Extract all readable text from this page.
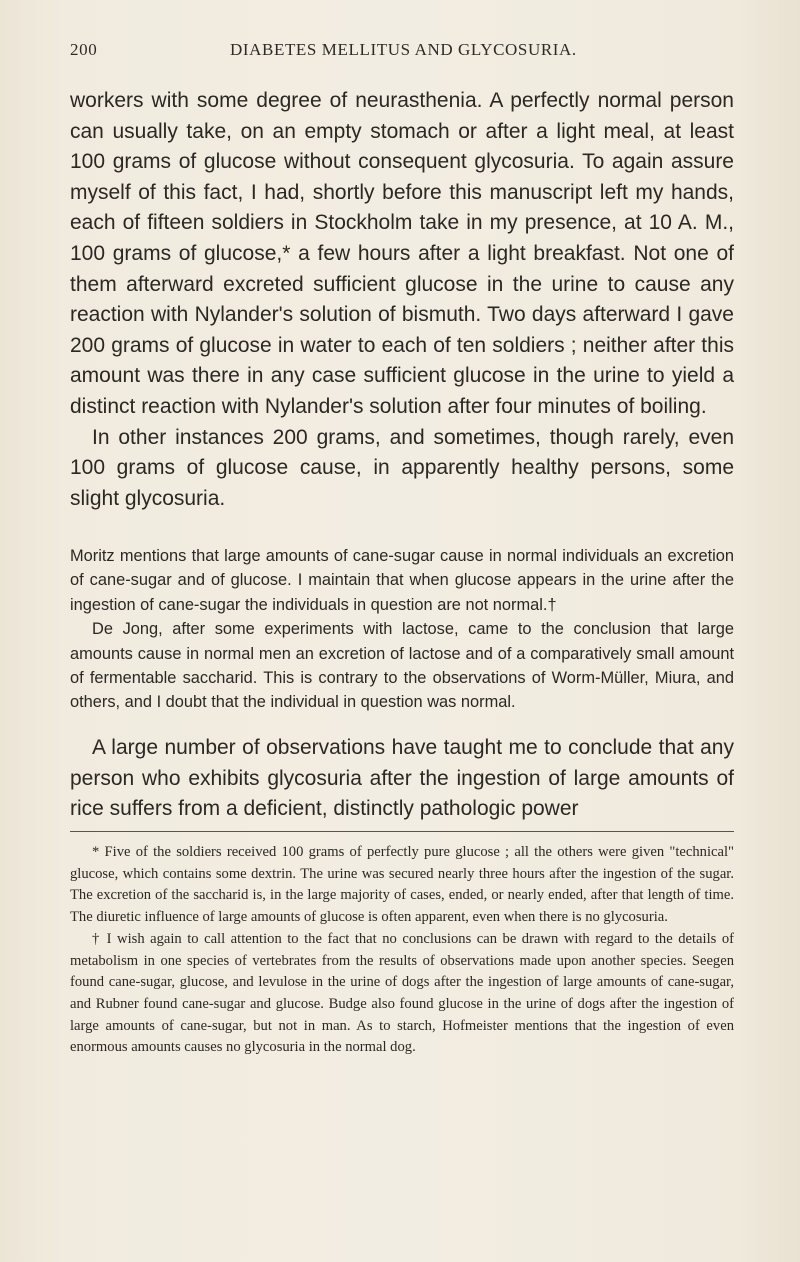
200	DIABETES MELLITUS AND GLYCOSURIA.

workers with some degree of neurasthenia. A perfectly normal person can usually take, on an empty stomach or after a light meal, at least 100 grams of glucose without consequent glycosuria. To again assure myself of this fact, I had, shortly before this manuscript left my hands, each of fifteen soldiers in Stockholm take in my presence, at 10 A. M., 100 grams of glucose,* a few hours after a light breakfast. Not one of them afterward excreted sufficient glucose in the urine to cause any reaction with Nylander's solution of bismuth. Two days afterward I gave 200 grams of glucose in water to each of ten soldiers ; neither after this amount was there in any case sufficient glucose in the urine to yield a distinct reaction with Nylander's solution after four minutes of boiling.

In other instances 200 grams, and sometimes, though rarely, even 100 grams of glucose cause, in apparently healthy persons, some slight glycosuria.

Moritz mentions that large amounts of cane-sugar cause in normal individuals an excretion of cane-sugar and of glucose. I maintain that when glucose appears in the urine after the ingestion of cane-sugar the individuals in question are not normal.†

De Jong, after some experiments with lactose, came to the conclusion that large amounts cause in normal men an excretion of lactose and of a comparatively small amount of fermentable saccharid. This is contrary to the observations of Worm-Müller, Miura, and others, and I doubt that the individual in question was normal.

A large number of observations have taught me to conclude that any person who exhibits glycosuria after the ingestion of large amounts of rice suffers from a deficient, distinctly pathologic power

* Five of the soldiers received 100 grams of perfectly pure glucose ; all the others were given "technical" glucose, which contains some dextrin. The urine was secured nearly three hours after the ingestion of the sugar. The excretion of the saccharid is, in the large majority of cases, ended, or nearly ended, after that length of time. The diuretic influence of large amounts of glucose is often apparent, even when there is no glycosuria.

† I wish again to call attention to the fact that no conclusions can be drawn with regard to the details of metabolism in one species of vertebrates from the results of observations made upon another species. Seegen found cane-sugar, glucose, and levulose in the urine of dogs after the ingestion of large amounts of cane-sugar, and Rubner found cane-sugar and glucose. Budge also found glucose in the urine of dogs after the ingestion of large amounts of cane-sugar, but not in man. As to starch, Hofmeister mentions that the ingestion of even enormous amounts causes no glycosuria in the normal dog.
